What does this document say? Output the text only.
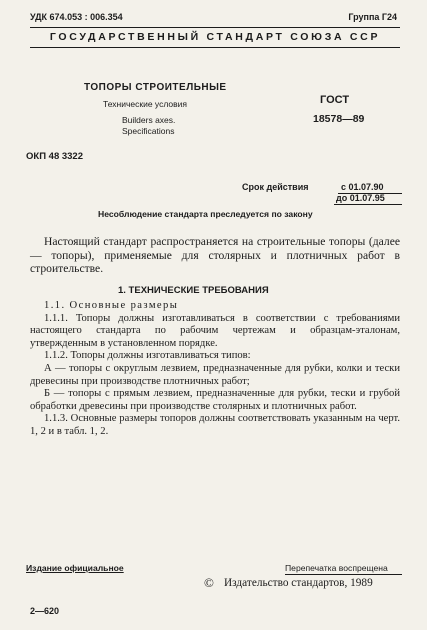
УДК 674.053 : 006.354	Группа Г24
ГОСУДАРСТВЕННЫЙ СТАНДАРТ СОЮЗА ССР
ТОПОРЫ СТРОИТЕЛЬНЫЕ
Технические условия
Builders axes.
Specifications
ГОСТ
18578—89
ОКП 48 3322
Срок действия	с 01.07.90
до 01.07.95
Несоблюдение стандарта преследуется по закону

Настоящий стандарт распространяется на строительные топоры (далее — топоры), применяемые для столярных и плотничных работ в строительстве.

1. ТЕХНИЧЕСКИЕ ТРЕБОВАНИЯ

1.1. Основные размеры

1.1.1. Топоры должны изготавливаться в соответствии с требованиями настоящего стандарта по рабочим чертежам и образцам-эталонам, утвержденным в установленном порядке.

1.1.2. Топоры должны изготавливаться типов:

А — топоры с округлым лезвием, предназначенные для рубки, колки и тески древесины при производстве плотничных работ;

Б — топоры с прямым лезвием, предназначенные для рубки, тески и грубой обработки древесины при производстве столярных и плотничных работ.

1.1.3. Основные размеры топоров должны соответствовать указанным на черт. 1, 2 и в табл. 1, 2.

Издание официальное	Перепечатка воспрещена
© Издательство стандартов, 1989
2—620
